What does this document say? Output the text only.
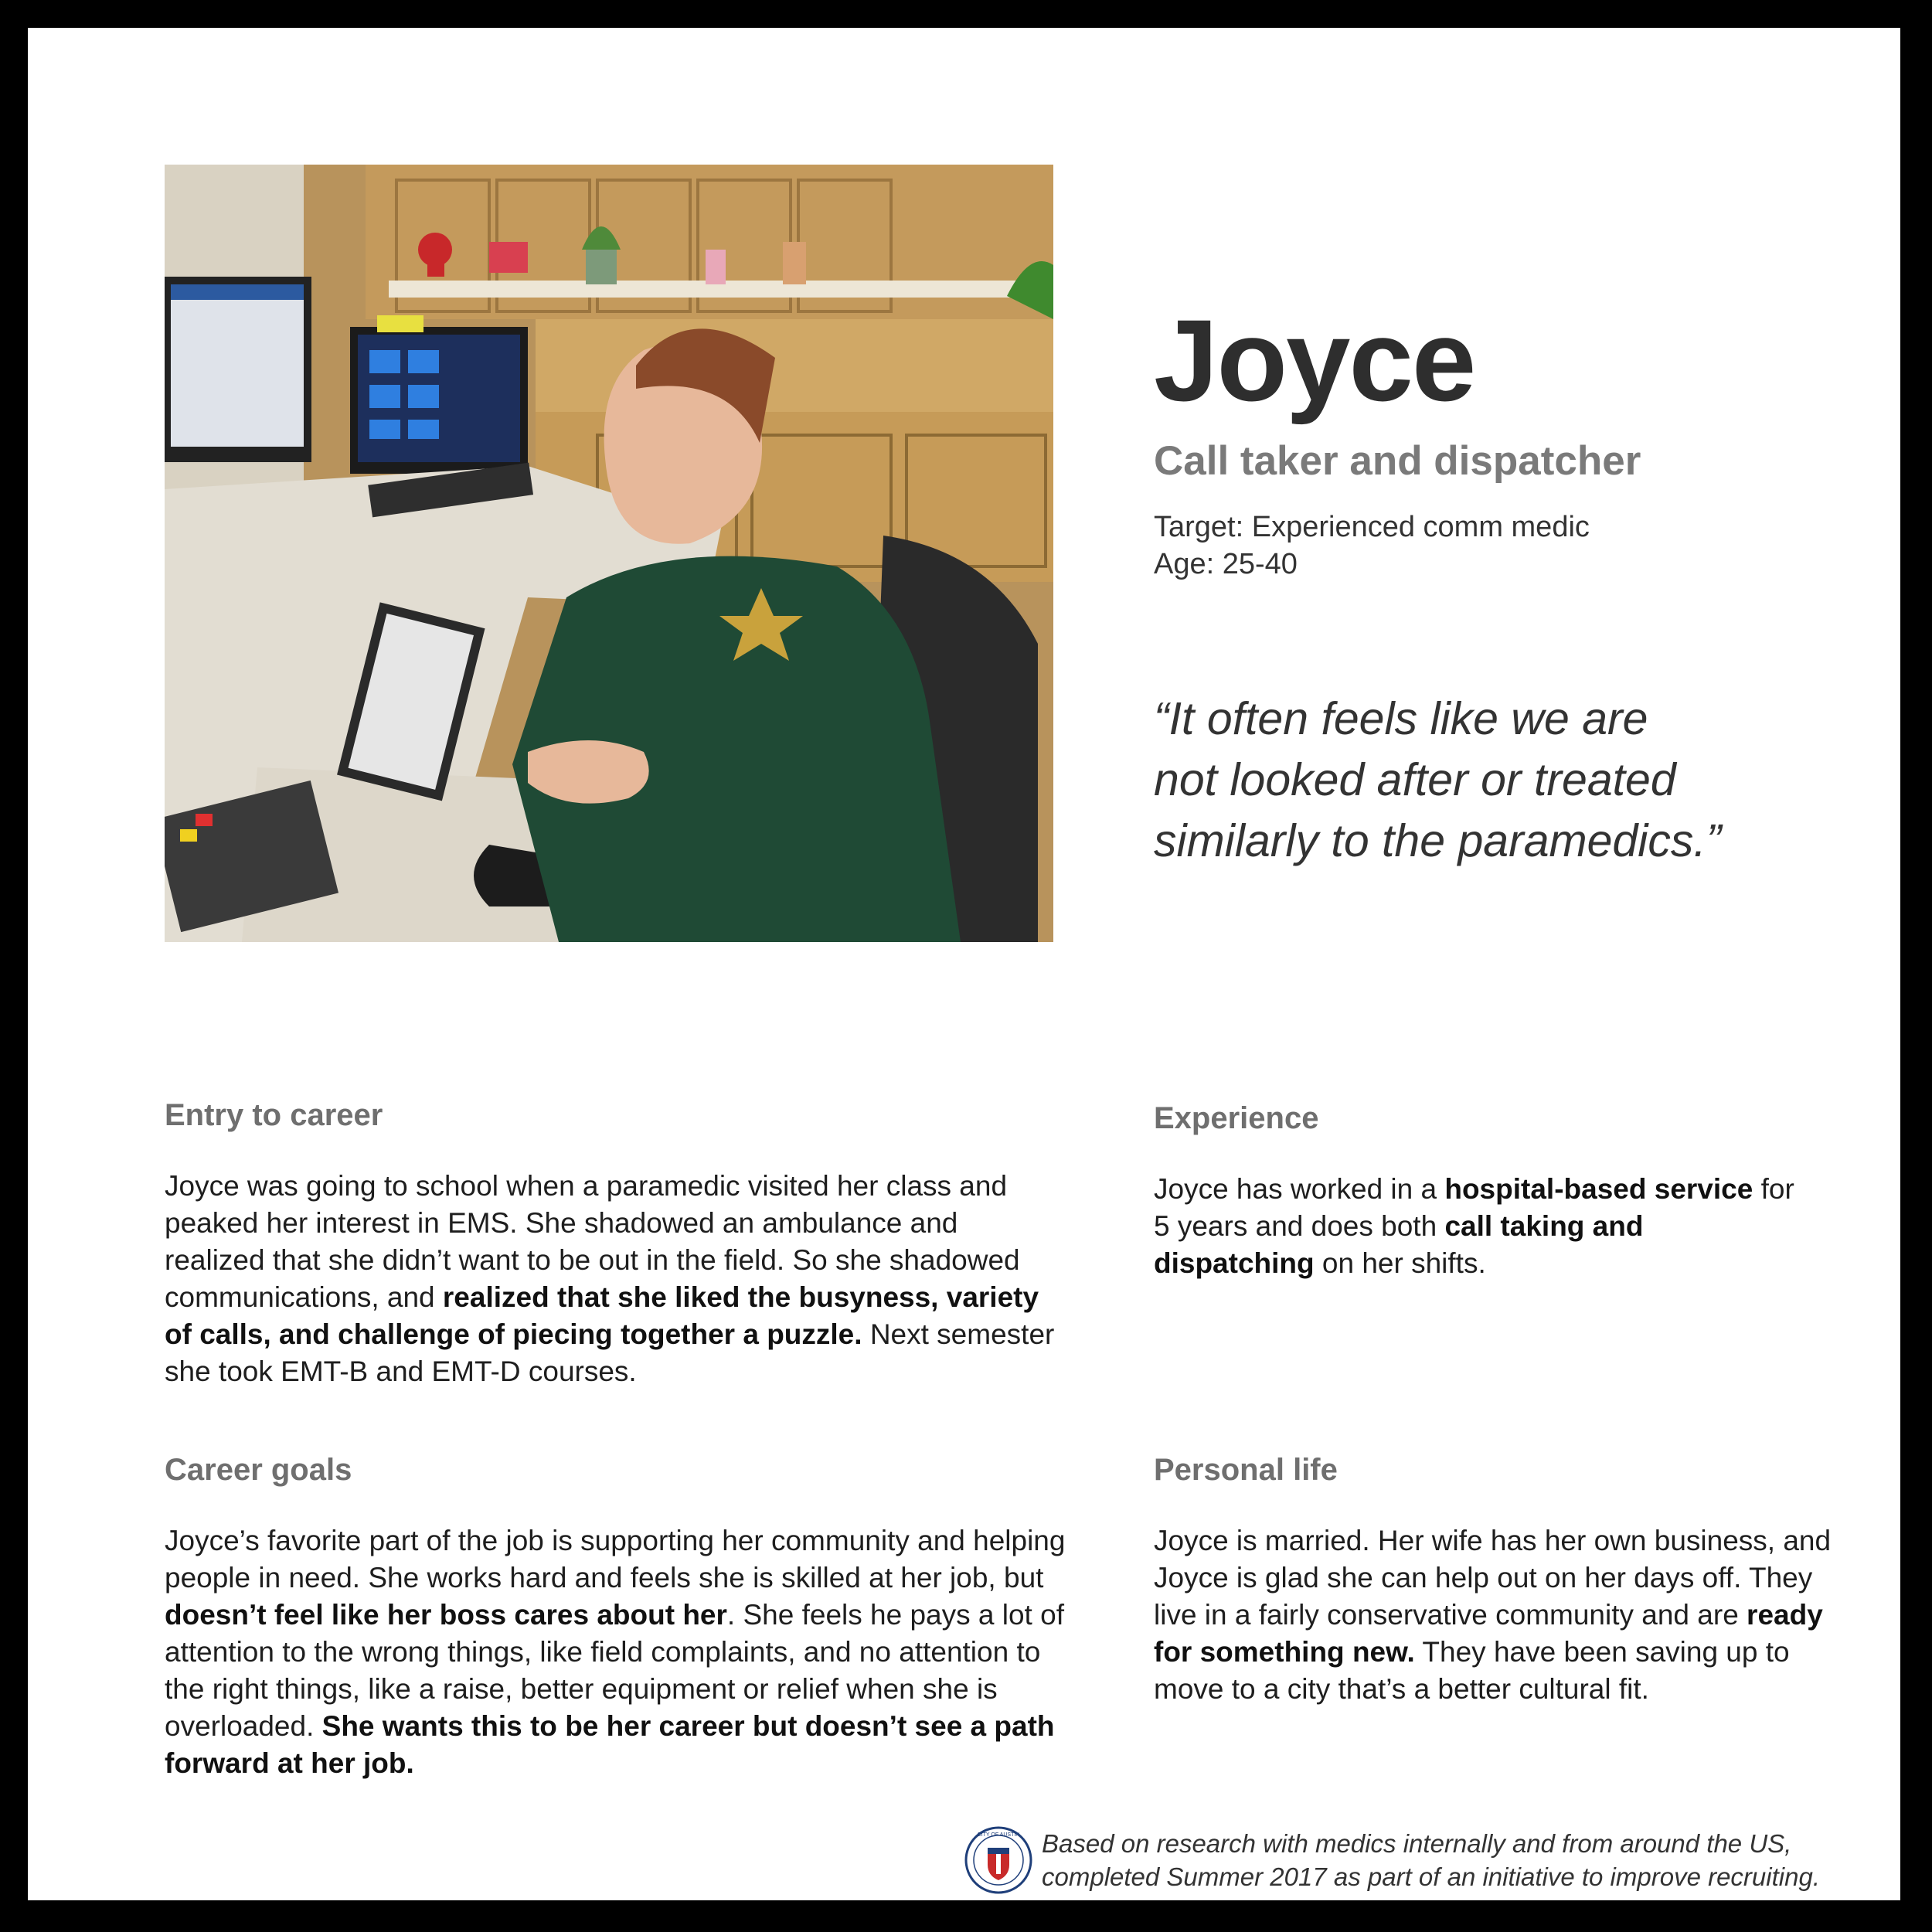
Joyce
Call taker and dispatcher
Target: Experienced comm medic
Age: 25-40
“It often feels like we are
not looked after or treated
similarly to the paramedics.”
Entry to career

Joyce was going to school when a paramedic visited her class and peaked her interest in EMS. She shadowed an ambulance and realized that she didn’t want to be out in the field. So she shadowed communications, and realized that she liked the busyness, variety of calls, and challenge of piecing together a puzzle. Next semester she took EMT-B and EMT-D courses.

Experience

Joyce has worked in a hospital-based service for 5 years and does both call taking and dispatching on her shifts.

Career goals

Joyce’s favorite part of the job is supporting her community and helping people in need. She works hard and feels she is skilled at her job, but doesn’t feel like her boss cares about her. She feels he pays a lot of attention to the wrong things, like field complaints, and no attention to the right things, like a raise, better equipment or relief when she is overloaded. She wants this to be her career but doesn’t see a path forward at her job.

Personal life

Joyce is married. Her wife has her own business, and Joyce is glad she can help out on her days off. They live in a fairly conservative community and are ready for something new. They have been saving up to move to a city that’s a better cultural fit.

CITY OF AUSTIN Based on research with medics internally and from around the US,
completed Summer 2017 as part of an initiative to improve recruiting.
